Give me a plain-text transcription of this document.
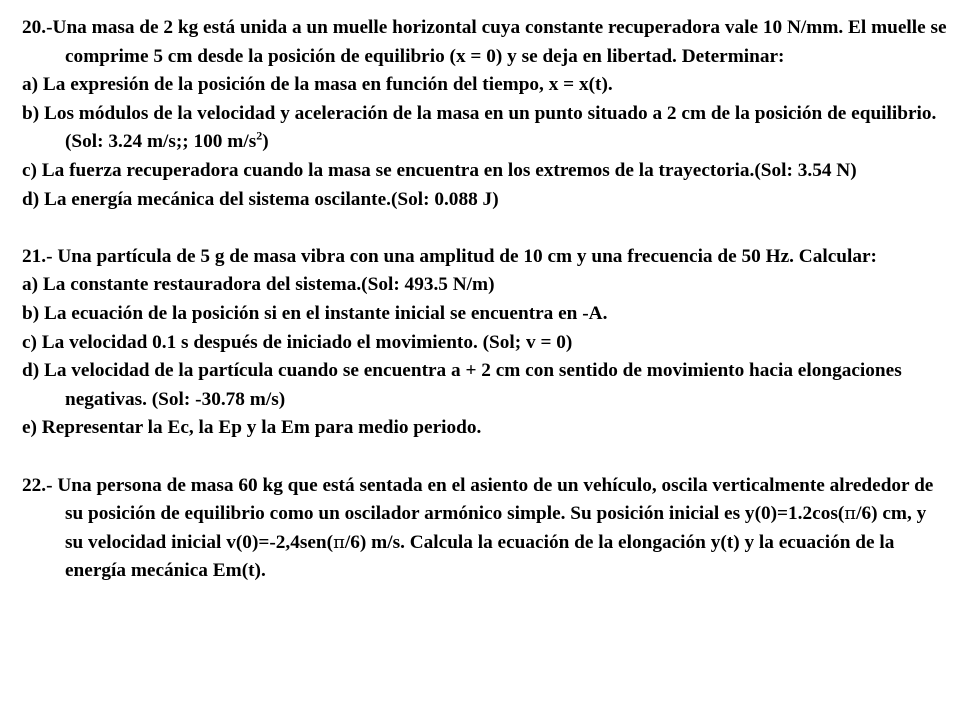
20.-Una masa de 2 kg está unida a un muelle horizontal cuya constante recuperadora vale 10 N/mm. El muelle se comprime 5 cm desde la posición de equilibrio (x = 0) y se deja en libertad. Determinar:

a) La expresión de la posición de la masa en función del tiempo, x = x(t).

b) Los módulos de la velocidad y aceleración de la masa en un punto situado a 2 cm de la posición de equilibrio. (Sol: 3.24 m/s;; 100 $m/s^2$)

c) La fuerza recuperadora cuando la masa se encuentra en los extremos de la trayectoria.(Sol: 3.54 N)

d) La energía mecánica del sistema oscilante.(Sol: 0.088 J)

21.- Una partícula de 5 g de masa vibra con una amplitud de 10 cm y una frecuencia de 50 Hz. Calcular:

a) La constante restauradora del sistema.(Sol: 493.5 N/m)

b) La ecuación de la posición si en el instante inicial se encuentra en -A.

c) La velocidad 0.1 s después de iniciado el movimiento. (Sol; v = 0)

d) La velocidad de la partícula cuando se encuentra a + 2 cm con sentido de movimiento hacia elongaciones negativas. (Sol: -30.78 m/s)

e) Representar la Ec, la Ep y la Em para medio periodo.

22.- Una persona de masa 60 kg que está sentada en el asiento de un vehículo, oscila verticalmente alrededor de su posición de equilibrio como un oscilador armónico simple. Su posición inicial es y(0)=1.2cos(π/6) cm, y su velocidad inicial v(0)=-2,4sen(π/6) m/s. Calcula la ecuación de la elongación y(t) y la ecuación de la energía mecánica Em(t).
